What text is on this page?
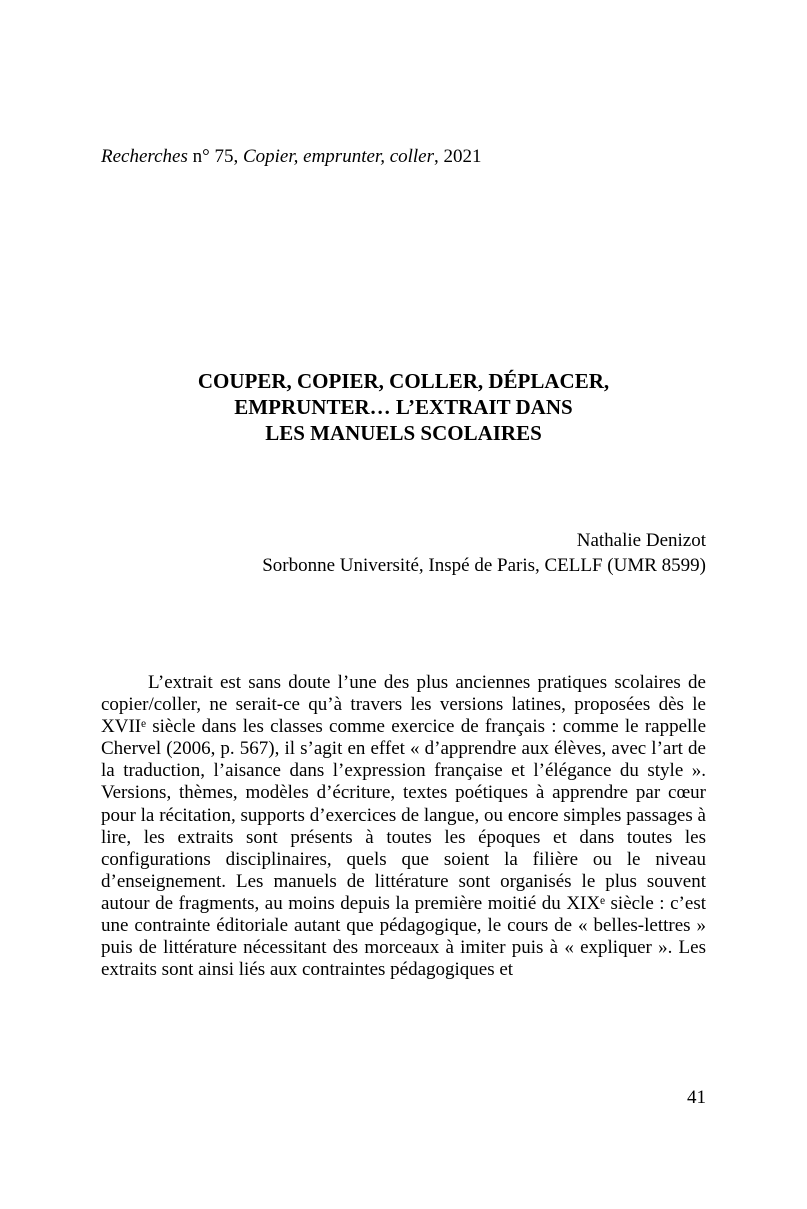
Recherches n° 75, Copier, emprunter, coller, 2021
COUPER, COPIER, COLLER, DÉPLACER,
EMPRUNTER… L’EXTRAIT DANS
LES MANUELS SCOLAIRES
Nathalie Denizot
Sorbonne Université, Inspé de Paris, CELLF (UMR 8599)

L’extrait est sans doute l’une des plus anciennes pratiques scolaires de copier/coller, ne serait-ce qu’à travers les versions latines, proposées dès le XVIIᵉ siècle dans les classes comme exercice de français : comme le rappelle Chervel (2006, p. 567), il s’agit en effet « d’apprendre aux élèves, avec l’art de la traduction, l’aisance dans l’expression française et l’élégance du style ». Versions, thèmes, modèles d’écriture, textes poétiques à apprendre par cœur pour la récitation, supports d’exercices de langue, ou encore simples passages à lire, les extraits sont présents à toutes les époques et dans toutes les configurations disciplinaires, quels que soient la filière ou le niveau d’enseignement. Les manuels de littérature sont organisés le plus souvent autour de fragments, au moins depuis la première moitié du XIXᵉ siècle : c’est une contrainte éditoriale autant que pédagogique, le cours de « belles-lettres » puis de littérature nécessitant des morceaux à imiter puis à « expliquer ». Les extraits sont ainsi liés aux contraintes pédagogiques et

41
